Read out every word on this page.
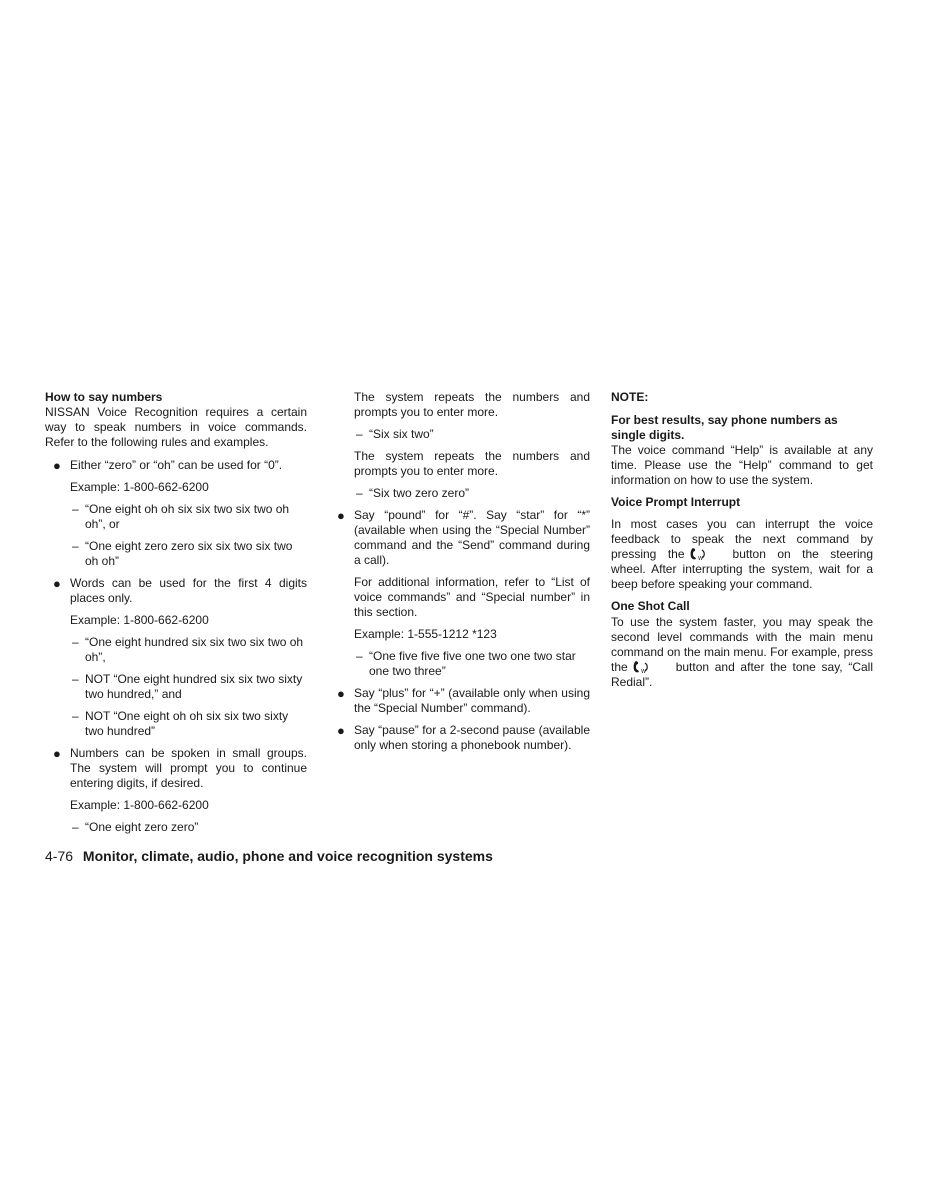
How to say numbers

NISSAN Voice Recognition requires a certain way to speak numbers in voice commands. Refer to the following rules and examples.

● Either “zero” or “oh” can be used for “0”.
Example: 1-800-662-6200
– “One eight oh oh six six two six two oh oh”, or
– “One eight zero zero six six two six two oh oh”
● Words can be used for the first 4 digits places only.
Example: 1-800-662-6200
– “One eight hundred six six two six two oh oh”,
– NOT “One eight hundred six six two sixty two hundred,” and
– NOT “One eight oh oh six six two sixty two hundred”
● Numbers can be spoken in small groups. The system will prompt you to continue entering digits, if desired.
Example: 1-800-662-6200
– “One eight zero zero”

The system repeats the numbers and prompts you to enter more.

– “Six six two”

The system repeats the numbers and prompts you to enter more.

– “Six two zero zero”
● Say “pound” for “#”. Say “star” for “*” (available when using the “Special Number” command and the “Send” command during a call).

For additional information, refer to “List of voice commands” and “Special number” in this section.

Example: 1-555-1212 *123

– “One five five five one two one two star one two three”
● Say “plus” for “+” (available only when using the “Special Number” command).
● Say “pause” for a 2-second pause (available only when storing a phonebook number).

NOTE:

For best results, say phone numbers as single digits.

The voice command “Help” is available at any time. Please use the “Help” command to get information on how to use the system.

Voice Prompt Interrupt

In most cases you can interrupt the voice feedback to speak the next command by pressing the	W	button on the steering wheel. After interrupting the system, wait for a beep before speaking your command.

One Shot Call

To use the system faster, you may speak the second level commands with the main menu command on the main menu. For example, press the	W	button and after the tone say, “Call Redial”.

4-76 Monitor, climate, audio, phone and voice recognition systems
